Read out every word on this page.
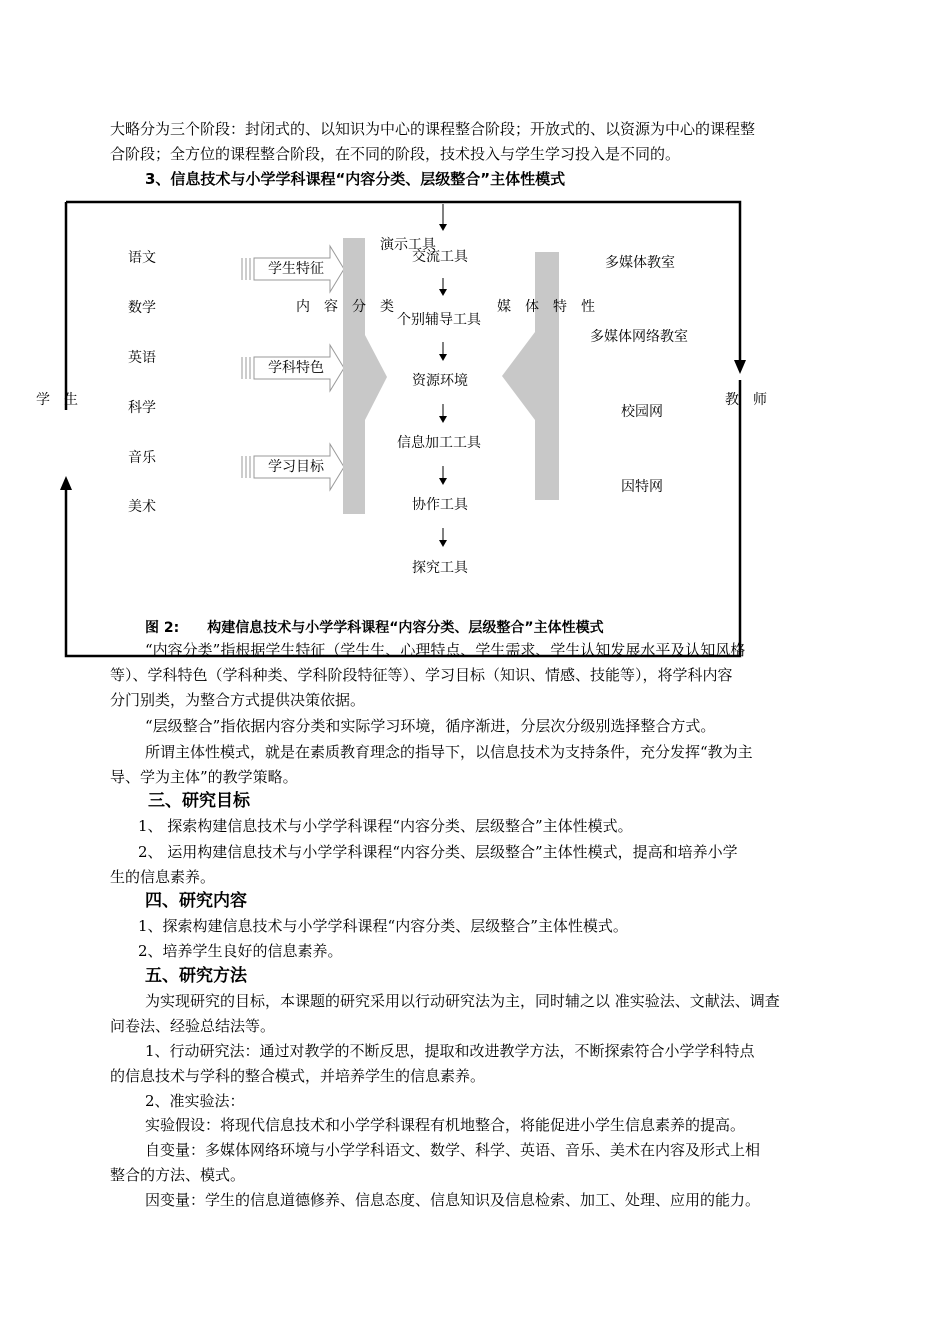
大略分为三个阶段：封闭式的、以知识为中心的课程整合阶段；开放式的、以资源为中心的课程整
合阶段；全方位的课程整合阶段，在不同的阶段，技术投入与学生学习投入是不同的。
3、信息技术与小学学科课程“内容分类、层级整合”主体性模式
学　生	教　师
语文
数学
英语
科学
音乐
美术
学生特征
学科特色
学习目标
内　容　分　类	媒　体　特　性
演示工具
交流工具
个别辅导工具
资源环境
信息加工工具
协作工具
探究工具
多媒体教室
多媒体网络教室
校园网
因特网
图 2:　　构建信息技术与小学学科课程“内容分类、层级整合”主体性模式
“内容分类”指根据学生特征（学生生、心理特点、学生需求、学生认知发展水平及认知风格
等）、学科特色（学科种类、学科阶段特征等）、学习目标（知识、情感、技能等），将学科内容
分门别类，为整合方式提供决策依据。
“层级整合”指依据内容分类和实际学习环境，循序渐进，分层次分级别选择整合方式。
所谓主体性模式，就是在素质教育理念的指导下，以信息技术为支持条件，充分发挥“教为主
导、学为主体”的教学策略。
三、研究目标
1、 探索构建信息技术与小学学科课程“内容分类、层级整合”主体性模式。
2、 运用构建信息技术与小学学科课程“内容分类、层级整合”主体性模式，提高和培养小学
生的信息素养。
四、研究内容
1、探索构建信息技术与小学学科课程“内容分类、层级整合”主体性模式。
2、培养学生良好的信息素养。
五、研究方法
为实现研究的目标，本课题的研究采用以行动研究法为主，同时辅之以 准实验法、文献法、调查
问卷法、经验总结法等。
1、行动研究法：通过对教学的不断反思，提取和改进教学方法，不断探索符合小学学科特点
的信息技术与学科的整合模式，并培养学生的信息素养。
2、准实验法：
实验假设：将现代信息技术和小学学科课程有机地整合，将能促进小学生信息素养的提高。
自变量：多媒体网络环境与小学学科语文、数学、科学、英语、音乐、美术在内容及形式上相
整合的方法、模式。
因变量：学生的信息道德修养、信息态度、信息知识及信息检索、加工、处理、应用的能力。
